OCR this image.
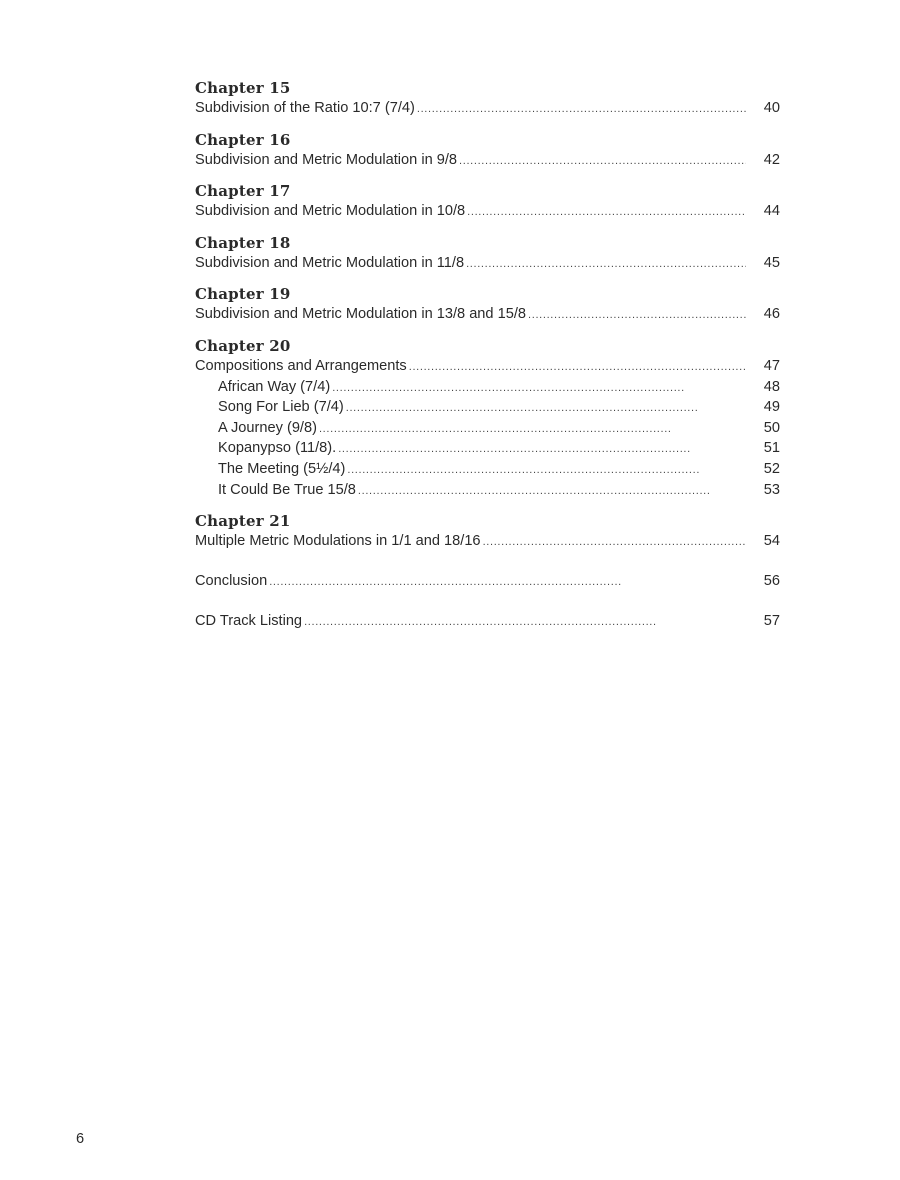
Chapter 15
Subdivision of the Ratio 10:7 (7/4) . . .	40
Chapter 16
Subdivision and Metric Modulation in 9/8 . . .	42
Chapter 17
Subdivision and Metric Modulation in 10/8 . . .	44
Chapter 18
Subdivision and Metric Modulation in 11/8 . . .	45
Chapter 19
Subdivision and Metric Modulation in 13/8 and 15/8 . . .	46
Chapter 20
Compositions and Arrangements . . .	47
African Way (7/4) . . .	48
Song For Lieb (7/4) . . .	49
A Journey (9/8) . . .	50
Kopanypso (11/8). . . .	51
The Meeting (5½/4) . . .	52
It Could Be True 15/8 . . .	53
Chapter 21
Multiple Metric Modulations in 1/1 and 18/16 . . .	54
Conclusion . . .	56
CD Track Listing . . .	57
6
